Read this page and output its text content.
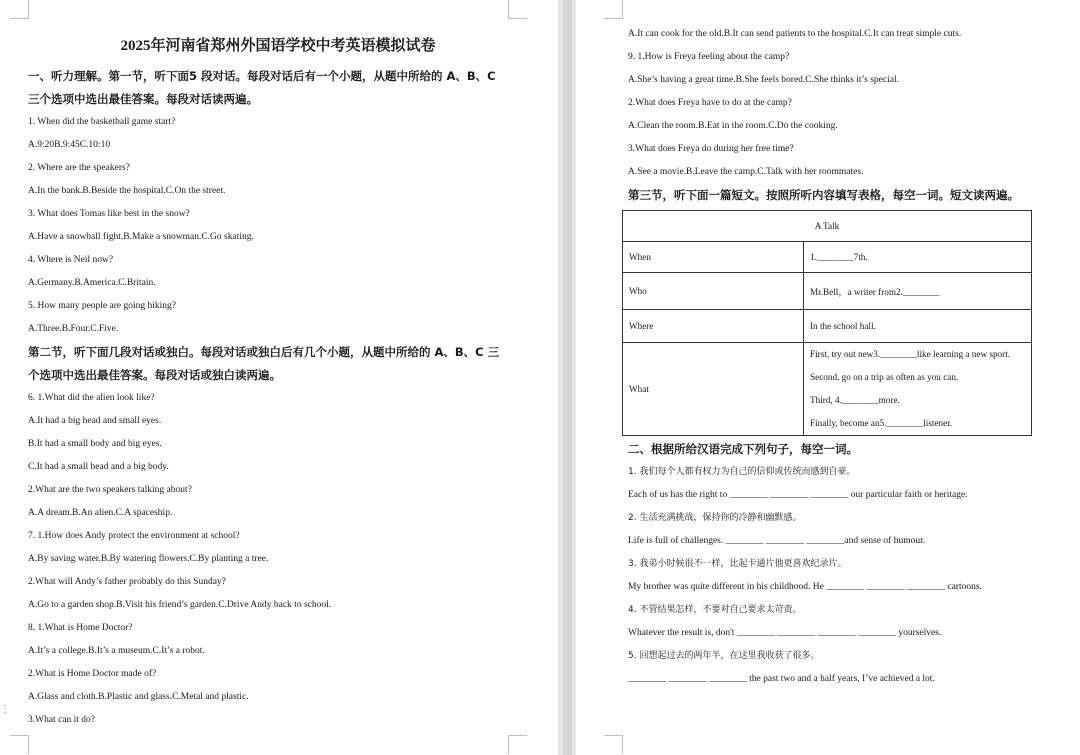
⋮
2025年河南省郑州外国语学校中考英语模拟试卷
一、听力理解。第一节，听下面5 段对话。每段对话后有一个小题，从题中所给的 A、B、C
三个选项中选出最佳答案。每段对话读两遍。
1. When did the basketball game start?
A.9:20B.9:45C.10:10
2. Where are the speakers?
A.In the bank.B.Beside the hospital.C.On the street.
3. What does Tomas like best in the snow?
A.Have a snowball fight.B.Make a snowman.C.Go skating.
4. Where is Neil now?
A.Germany.B.America.C.Britain.
5. How many people are going hiking?
A.Three.B.Four.C.Five.
第二节，听下面几段对话或独白。每段对话或独白后有几个小题，从题中所给的 A、B、C 三
个选项中选出最佳答案。每段对话或独白读两遍。
6. 1.What did the alien look like?
A.It had a big head and small eyes.
B.It had a small body and big eyes.
C.It had a small head and a big body.
2.What are the two speakers talking about?
A.A dream.B.An alien.C.A spaceship.
7. 1.How does Andy protect the environment at school?
A.By saving water.B.By watering flowers.C.By planting a tree.
2.What will Andy’s father probably do this Sunday?
A.Go to a garden shop.B.Visit his friend’s garden.C.Drive Andy back to school.
8. 1.What is Home Doctor?
A.It’s a college.B.It’s a museum.C.It’s a robot.
2.What is Home Doctor made of?
A.Glass and cloth.B.Plastic and glass.C.Metal and plastic.
3.What can it do?
A.It can cook for the old.B.It can send patients to the hospital.C.It can treat simple cuts.
9. 1.How is Freya feeling about the camp?
A.She’s having a great time.B.She feels bored.C.She thinks it’s special.
2.What does Freya have to do at the camp?
A.Clean the room.B.Eat in the room.C.Do the cooking.
3.What does Freya do during her free time?
A.See a movie.B.Leave the camp.C.Talk with her roommates.
第三节，听下面一篇短文。按照所听内容填写表格，每空一词。短文读两遍。
A Talk	
When	1.________7th.
Who	Mr.Bell，a writer from2.________
Where	In the school hall.
What	First, try out new3.________like learning a new sport.
Second, go on a trip as often as you can.
Third, 4.________more.
Finally, become an5.________listener.
二、根据所给汉语完成下列句子，每空一词。
1. 我们每个人都有权力为自己的信仰或传统而感到自豪。
Each of us has the right to ________ ________ ________ our particular faith or heritage.
2. 生活充满挑战，保持你的冷静和幽默感。
Life is full of challenges. ________ ________ ________and sense of humour.
3. 我弟小时候很不一样，比起卡通片他更喜欢纪录片。
My brother was quite different in his childhood. He ________ ________ ________ cartoons.
4. 不管结果怎样，不要对自己要求太苛责。
Whatever the result is, don't ________ ________ ________ ________ yourselves.
5. 回想起过去的两年半，在这里我收获了很多。
________ ________ ________ the past two and a half years, I’ve achieved a lot.
